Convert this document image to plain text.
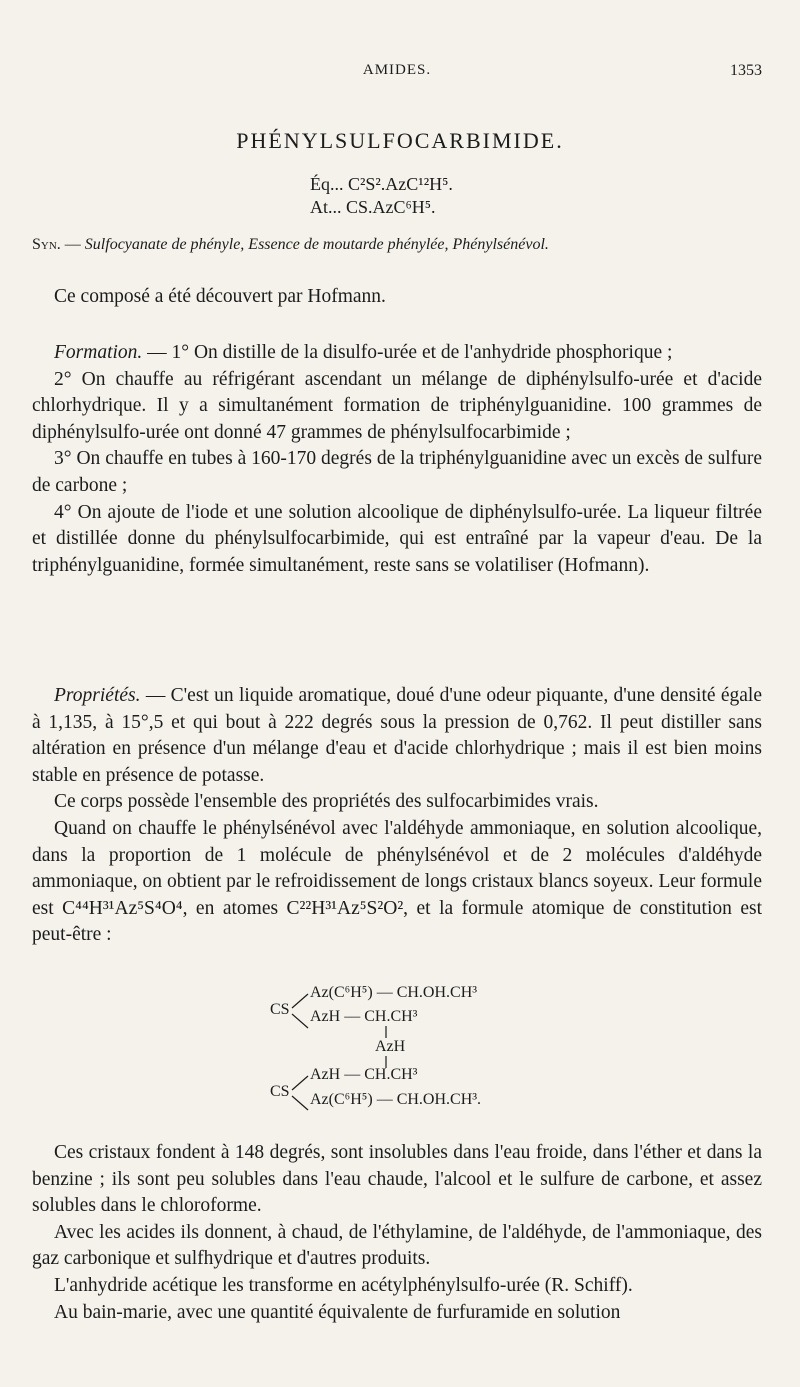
AMIDES.	1353
PHÉNYLSULFOCARBIMIDE.
Éq... C²S².AzC¹²H⁵.
At... CS.AzC⁶H⁵.
Syn. — Sulfocyanate de phényle, Essence de moutarde phénylée, Phénylsénévol.

Ce composé a été découvert par Hofmann.

Formation. — 1° On distille de la disulfo-urée et de l'anhydride phosphorique ;

2° On chauffe au réfrigérant ascendant un mélange de diphénylsulfo-urée et d'acide chlorhydrique. Il y a simultanément formation de triphénylguanidine. 100 grammes de diphénylsulfo-urée ont donné 47 grammes de phénylsulfocarbimide ;

3° On chauffe en tubes à 160-170 degrés de la triphénylguanidine avec un excès de sulfure de carbone ;

4° On ajoute de l'iode et une solution alcoolique de diphénylsulfo-urée. La liqueur filtrée et distillée donne du phénylsulfocarbimide, qui est entraîné par la vapeur d'eau. De la triphénylguanidine, formée simultanément, reste sans se volatiliser (Hofmann).

Propriétés. — C'est un liquide aromatique, doué d'une odeur piquante, d'une densité égale à 1,135, à 15°,5 et qui bout à 222 degrés sous la pression de 0,762. Il peut distiller sans altération en présence d'un mélange d'eau et d'acide chlorhydrique ; mais il est bien moins stable en présence de potasse.

Ce corps possède l'ensemble des propriétés des sulfocarbimides vrais.

Quand on chauffe le phénylsénévol avec l'aldéhyde ammoniaque, en solution alcoolique, dans la proportion de 1 molécule de phénylsénévol et de 2 molécules d'aldéhyde ammoniaque, on obtient par le refroidissement de longs cristaux blancs soyeux. Leur formule est C⁴⁴H³¹Az⁵S⁴O⁴, en atomes C²²H³¹Az⁵S²O², et la formule atomique de constitution est peut-être :

CS
Az(C⁶H⁵) — CH.OH.CH³
AzH — CH.CH³
AzH
CS
AzH — CH.CH³
Az(C⁶H⁵) — CH.OH.CH³.

Ces cristaux fondent à 148 degrés, sont insolubles dans l'eau froide, dans l'éther et dans la benzine ; ils sont peu solubles dans l'eau chaude, l'alcool et le sulfure de carbone, et assez solubles dans le chloroforme.

Avec les acides ils donnent, à chaud, de l'éthylamine, de l'aldéhyde, de l'ammoniaque, des gaz carbonique et sulfhydrique et d'autres produits.

L'anhydride acétique les transforme en acétylphénylsulfo-urée (R. Schiff).

Au bain-marie, avec une quantité équivalente de furfuramide en solution
